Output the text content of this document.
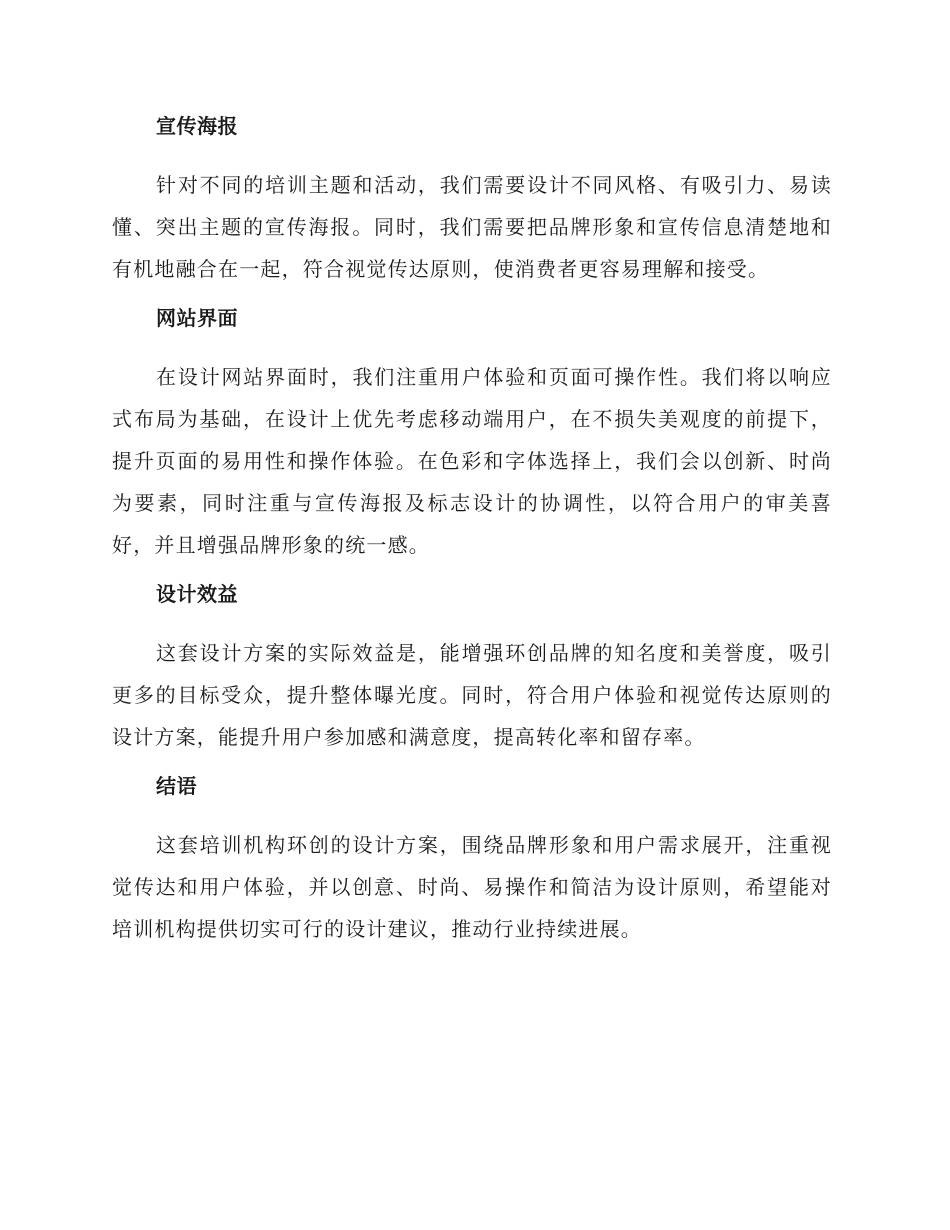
宣传海报

针对不同的培训主题和活动，我们需要设计不同风格、有吸引力、易读懂、突出主题的宣传海报。同时，我们需要把品牌形象和宣传信息清楚地和有机地融合在一起，符合视觉传达原则，使消费者更容易理解和接受。

网站界面

在设计网站界面时，我们注重用户体验和页面可操作性。我们将以响应式布局为基础，在设计上优先考虑移动端用户，在不损失美观度的前提下，提升页面的易用性和操作体验。在色彩和字体选择上，我们会以创新、时尚为要素，同时注重与宣传海报及标志设计的协调性，以符合用户的审美喜好，并且增强品牌形象的统一感。

设计效益

这套设计方案的实际效益是，能增强环创品牌的知名度和美誉度，吸引更多的目标受众，提升整体曝光度。同时，符合用户体验和视觉传达原则的设计方案，能提升用户参加感和满意度，提高转化率和留存率。

结语

这套培训机构环创的设计方案，围绕品牌形象和用户需求展开，注重视觉传达和用户体验，并以创意、时尚、易操作和简洁为设计原则，希望能对培训机构提供切实可行的设计建议，推动行业持续进展。
